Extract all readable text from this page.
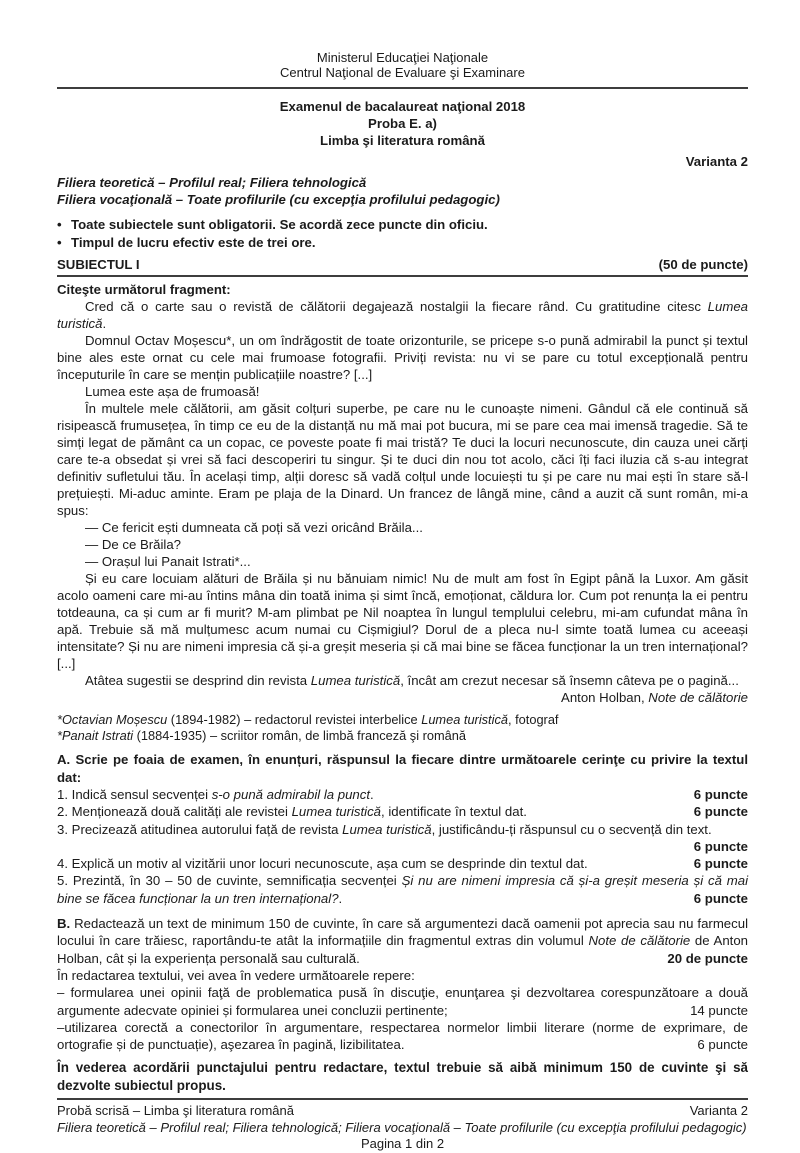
Ministerul Educaţiei Naţionale
Centrul Naţional de Evaluare şi Examinare
Examenul de bacalaureat naţional 2018
Proba E. a)
Limba şi literatura română
Varianta 2
Filiera teoretică – Profilul real; Filiera tehnologică
Filiera vocaţională – Toate profilurile (cu excepţia profilului pedagogic)
• Toate subiectele sunt obligatorii. Se acordă zece puncte din oficiu.
• Timpul de lucru efectiv este de trei ore.
SUBIECTUL I	(50 de puncte)
Citeşte următorul fragment:

Cred că o carte sau o revistă de călătorii degajează nostalgii la fiecare rând. Cu gratitudine citesc Lumea turistică.

Domnul Octav Moșescu*, un om îndrăgostit de toate orizonturile, se pricepe s-o pună admirabil la punct și textul bine ales este ornat cu cele mai frumoase fotografii. Priviți revista: nu vi se pare cu totul excepțională pentru începuturile în care se mențin publicațiile noastre? [...]

Lumea este așa de frumoasă!

În multele mele călătorii, am găsit colțuri superbe, pe care nu le cunoaște nimeni. Gândul că ele continuă să risipească frumusețea, în timp ce eu de la distanță nu mă mai pot bucura, mi se pare cea mai imensă tragedie. Să te simți legat de pământ ca un copac, ce poveste poate fi mai tristă? Te duci la locuri necunoscute, din cauza unei cărți care te-a obsedat și vrei să faci descoperiri tu singur. Și te duci din nou tot acolo, căci îți faci iluzia că s-au integrat definitiv sufletului tău. În același timp, alții doresc să vadă colțul unde locuiești tu și pe care nu mai ești în stare să-l prețuiești. Mi-aduc aminte. Eram pe plaja de la Dinard. Un francez de lângă mine, când a auzit că sunt român, mi-a spus:

— Ce fericit ești dumneata că poți să vezi oricând Brăila...

— De ce Brăila?

— Orașul lui Panait Istrati*...

Și eu care locuiam alături de Brăila și nu bănuiam nimic! Nu de mult am fost în Egipt până la Luxor. Am găsit acolo oameni care mi-au întins mâna din toată inima și simt încă, emoționat, căldura lor. Cum pot renunța la ei pentru totdeauna, ca și cum ar fi murit? M-am plimbat pe Nil noaptea în lungul templului celebru, mi-am cufundat mâna în apă. Trebuie să mă mulțumesc acum numai cu Cișmigiul? Dorul de a pleca nu-l simte toată lumea cu aceeași intensitate? Și nu are nimeni impresia că și-a greșit meseria și că mai bine se făcea funcționar la un tren internațional? [...]

Atâtea sugestii se desprind din revista Lumea turistică, încât am crezut necesar să însemn câteva pe o pagină...
Anton Holban, Note de călătorie

*Octavian Moșescu (1894-1982) – redactorul revistei interbelice Lumea turistică, fotograf
*Panait Istrati (1884-1935) – scriitor român, de limbă franceză şi română
A. Scrie pe foaia de examen, în enunțuri, răspunsul la fiecare dintre următoarele cerinţe cu privire la textul dat:
1. Indică sensul secvenței s-o pună admirabil la punct.	6 puncte
2. Menționează două calități ale revistei Lumea turistică, identificate în textul dat.	6 puncte
3. Precizează atitudinea autorului față de revista Lumea turistică, justificându-ți răspunsul cu o secvență din text.
6 puncte
4. Explică un motiv al vizitării unor locuri necunoscute, așa cum se desprinde din textul dat.	6 puncte
5. Prezintă, în 30 – 50 de cuvinte, semnificația secvenței Și nu are nimeni impresia că și-a greșit meseria și că mai bine se făcea funcționar la un tren internațional?.	6 puncte
B. Redactează un text de minimum 150 de cuvinte, în care să argumentezi dacă oamenii pot aprecia sau nu farmecul locului în care trăiesc, raportându-te atât la informațiile din fragmentul extras din volumul Note de călătorie de Anton Holban, cât și la experiența personală sau culturală.	20 de puncte
În redactarea textului, vei avea în vedere următoarele repere:
– formularea unei opinii faţă de problematica pusă în discuţie, enunţarea şi dezvoltarea corespunzătoare a două argumente adecvate opiniei și formularea unei concluzii pertinente;	14 puncte
–utilizarea corectă a conectorilor în argumentare, respectarea normelor limbii literare (norme de exprimare, de ortografie și de punctuație), aşezarea în pagină, lizibilitatea.	6 puncte
În vederea acordării punctajului pentru redactare, textul trebuie să aibă minimum 150 de cuvinte şi să dezvolte subiectul propus.
Probă scrisă – Limba şi literatura română	Varianta 2
Filiera teoretică – Profilul real; Filiera tehnologică; Filiera vocaţională – Toate profilurile (cu excepţia profilului pedagogic)
Pagina 1 din 2
